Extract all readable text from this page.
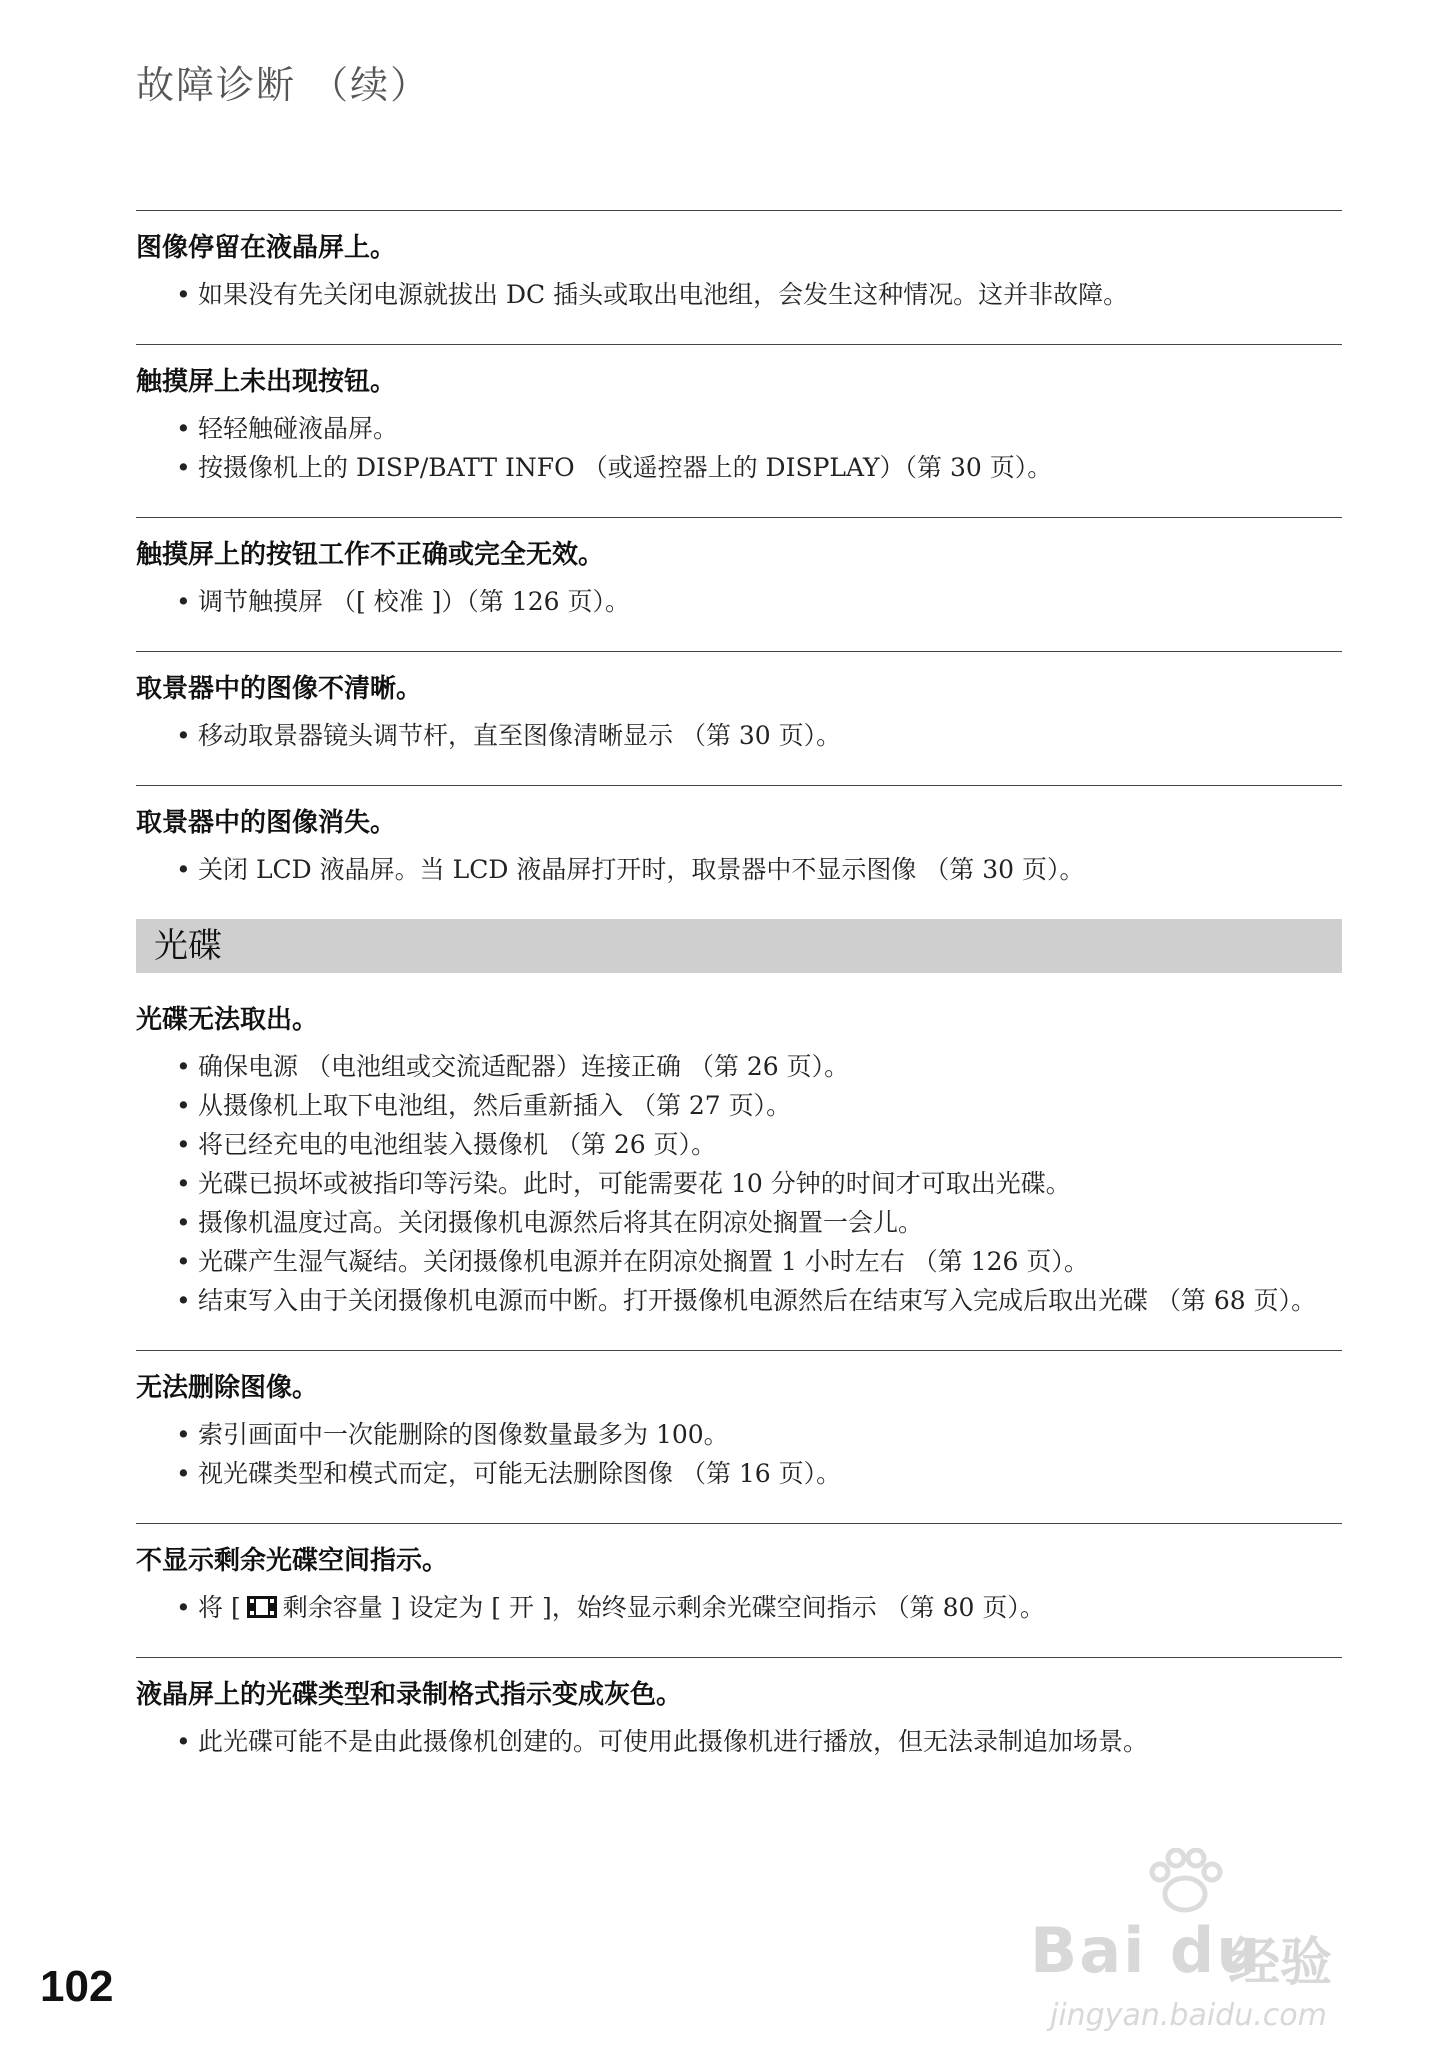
故障诊断 （续）
图像停留在液晶屏上。
• 如果没有先关闭电源就拔出 DC 插头或取出电池组，会发生这种情况。这并非故障。
触摸屏上未出现按钮。
• 轻轻触碰液晶屏。
• 按摄像机上的 DISP/BATT INFO （或遥控器上的 DISPLAY）（第 30 页）。
触摸屏上的按钮工作不正确或完全无效。
• 调节触摸屏 （[ 校准 ]）（第 126 页）。
取景器中的图像不清晰。
• 移动取景器镜头调节杆，直至图像清晰显示 （第 30 页）。
取景器中的图像消失。
• 关闭 LCD 液晶屏。当 LCD 液晶屏打开时，取景器中不显示图像 （第 30 页）。
光碟
光碟无法取出。
• 确保电源 （电池组或交流适配器）连接正确 （第 26 页）。
• 从摄像机上取下电池组，然后重新插入 （第 27 页）。
• 将已经充电的电池组装入摄像机 （第 26 页）。
• 光碟已损坏或被指印等污染。此时，可能需要花 10 分钟的时间才可取出光碟。
• 摄像机温度过高。关闭摄像机电源然后将其在阴凉处搁置一会儿。
• 光碟产生湿气凝结。关闭摄像机电源并在阴凉处搁置 1 小时左右 （第 126 页）。
• 结束写入由于关闭摄像机电源而中断。打开摄像机电源然后在结束写入完成后取出光碟 （第 68 页）。
无法删除图像。
• 索引画面中一次能删除的图像数量最多为 100。
• 视光碟类型和模式而定，可能无法删除图像 （第 16 页）。
不显示剩余光碟空间指示。
• 将 [ 剩余容量 ] 设定为 [ 开 ]，始终显示剩余光碟空间指示 （第 80 页）。
液晶屏上的光碟类型和录制格式指示变成灰色。
• 此光碟可能不是由此摄像机创建的。可使用此摄像机进行播放，但无法录制追加场景。
Bai du
经验
jingyan.baidu.com
102
